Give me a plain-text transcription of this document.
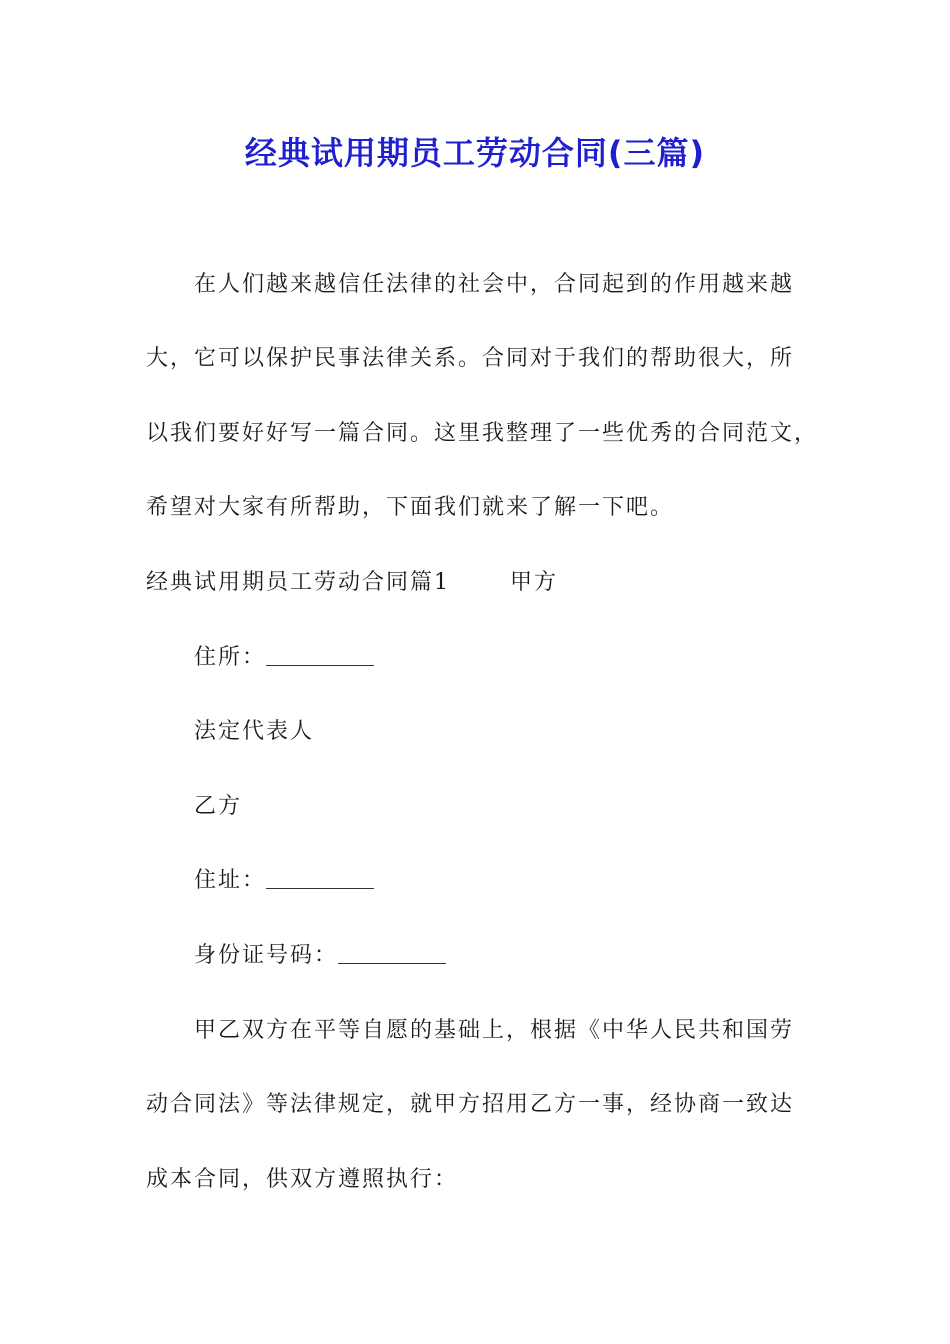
经典试用期员工劳动合同(三篇)

在人们越来越信任法律的社会中，合同起到的作用越来越

大，它可以保护民事法律关系。合同对于我们的帮助很大，所

以我们要好好写一篇合同。这里我整理了一些优秀的合同范文，

希望对大家有所帮助，下面我们就来了解一下吧。

经典试用期员工劳动合同篇1	甲方

住所：

法定代表人

乙方

住址：

身份证号码：

甲乙双方在平等自愿的基础上，根据《中华人民共和国劳

动合同法》等法律规定，就甲方招用乙方一事，经协商一致达

成本合同，供双方遵照执行：
